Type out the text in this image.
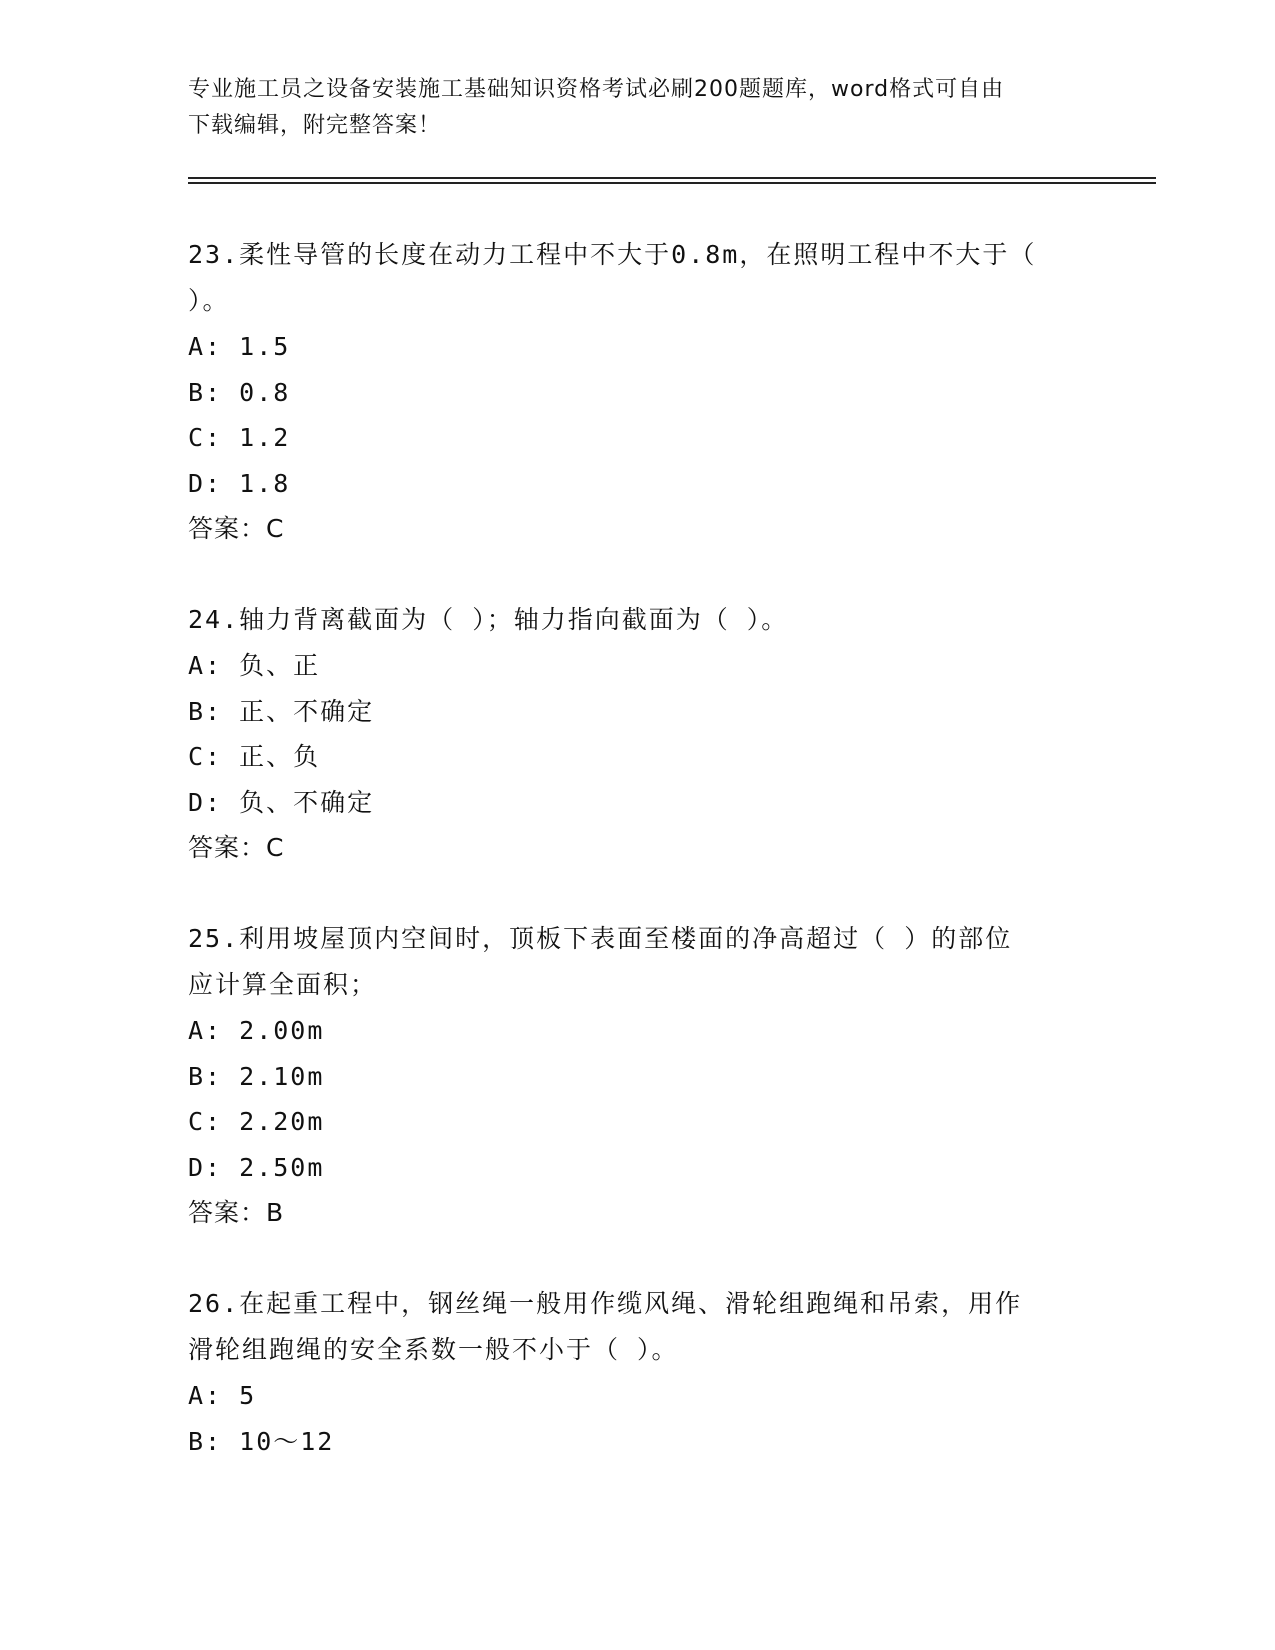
专业施工员之设备安装施工基础知识资格考试必刷200题题库，word格式可自由
下载编辑，附完整答案！
23.柔性导管的长度在动力工程中不大于0.8m，在照明工程中不大于（
）。
A: 1.5
B: 0.8
C: 1.2
D: 1.8
答案：C
24.轴力背离截面为（ ）；轴力指向截面为（ ）。
A: 负、正
B: 正、不确定
C: 正、负
D: 负、不确定
答案：C
25.利用坡屋顶内空间时，顶板下表面至楼面的净高超过（ ）的部位
应计算全面积；
A: 2.00m
B: 2.10m
C: 2.20m
D: 2.50m
答案：B
26.在起重工程中，钢丝绳一般用作缆风绳、滑轮组跑绳和吊索，用作
滑轮组跑绳的安全系数一般不小于（ ）。
A: 5
B: 10～12
